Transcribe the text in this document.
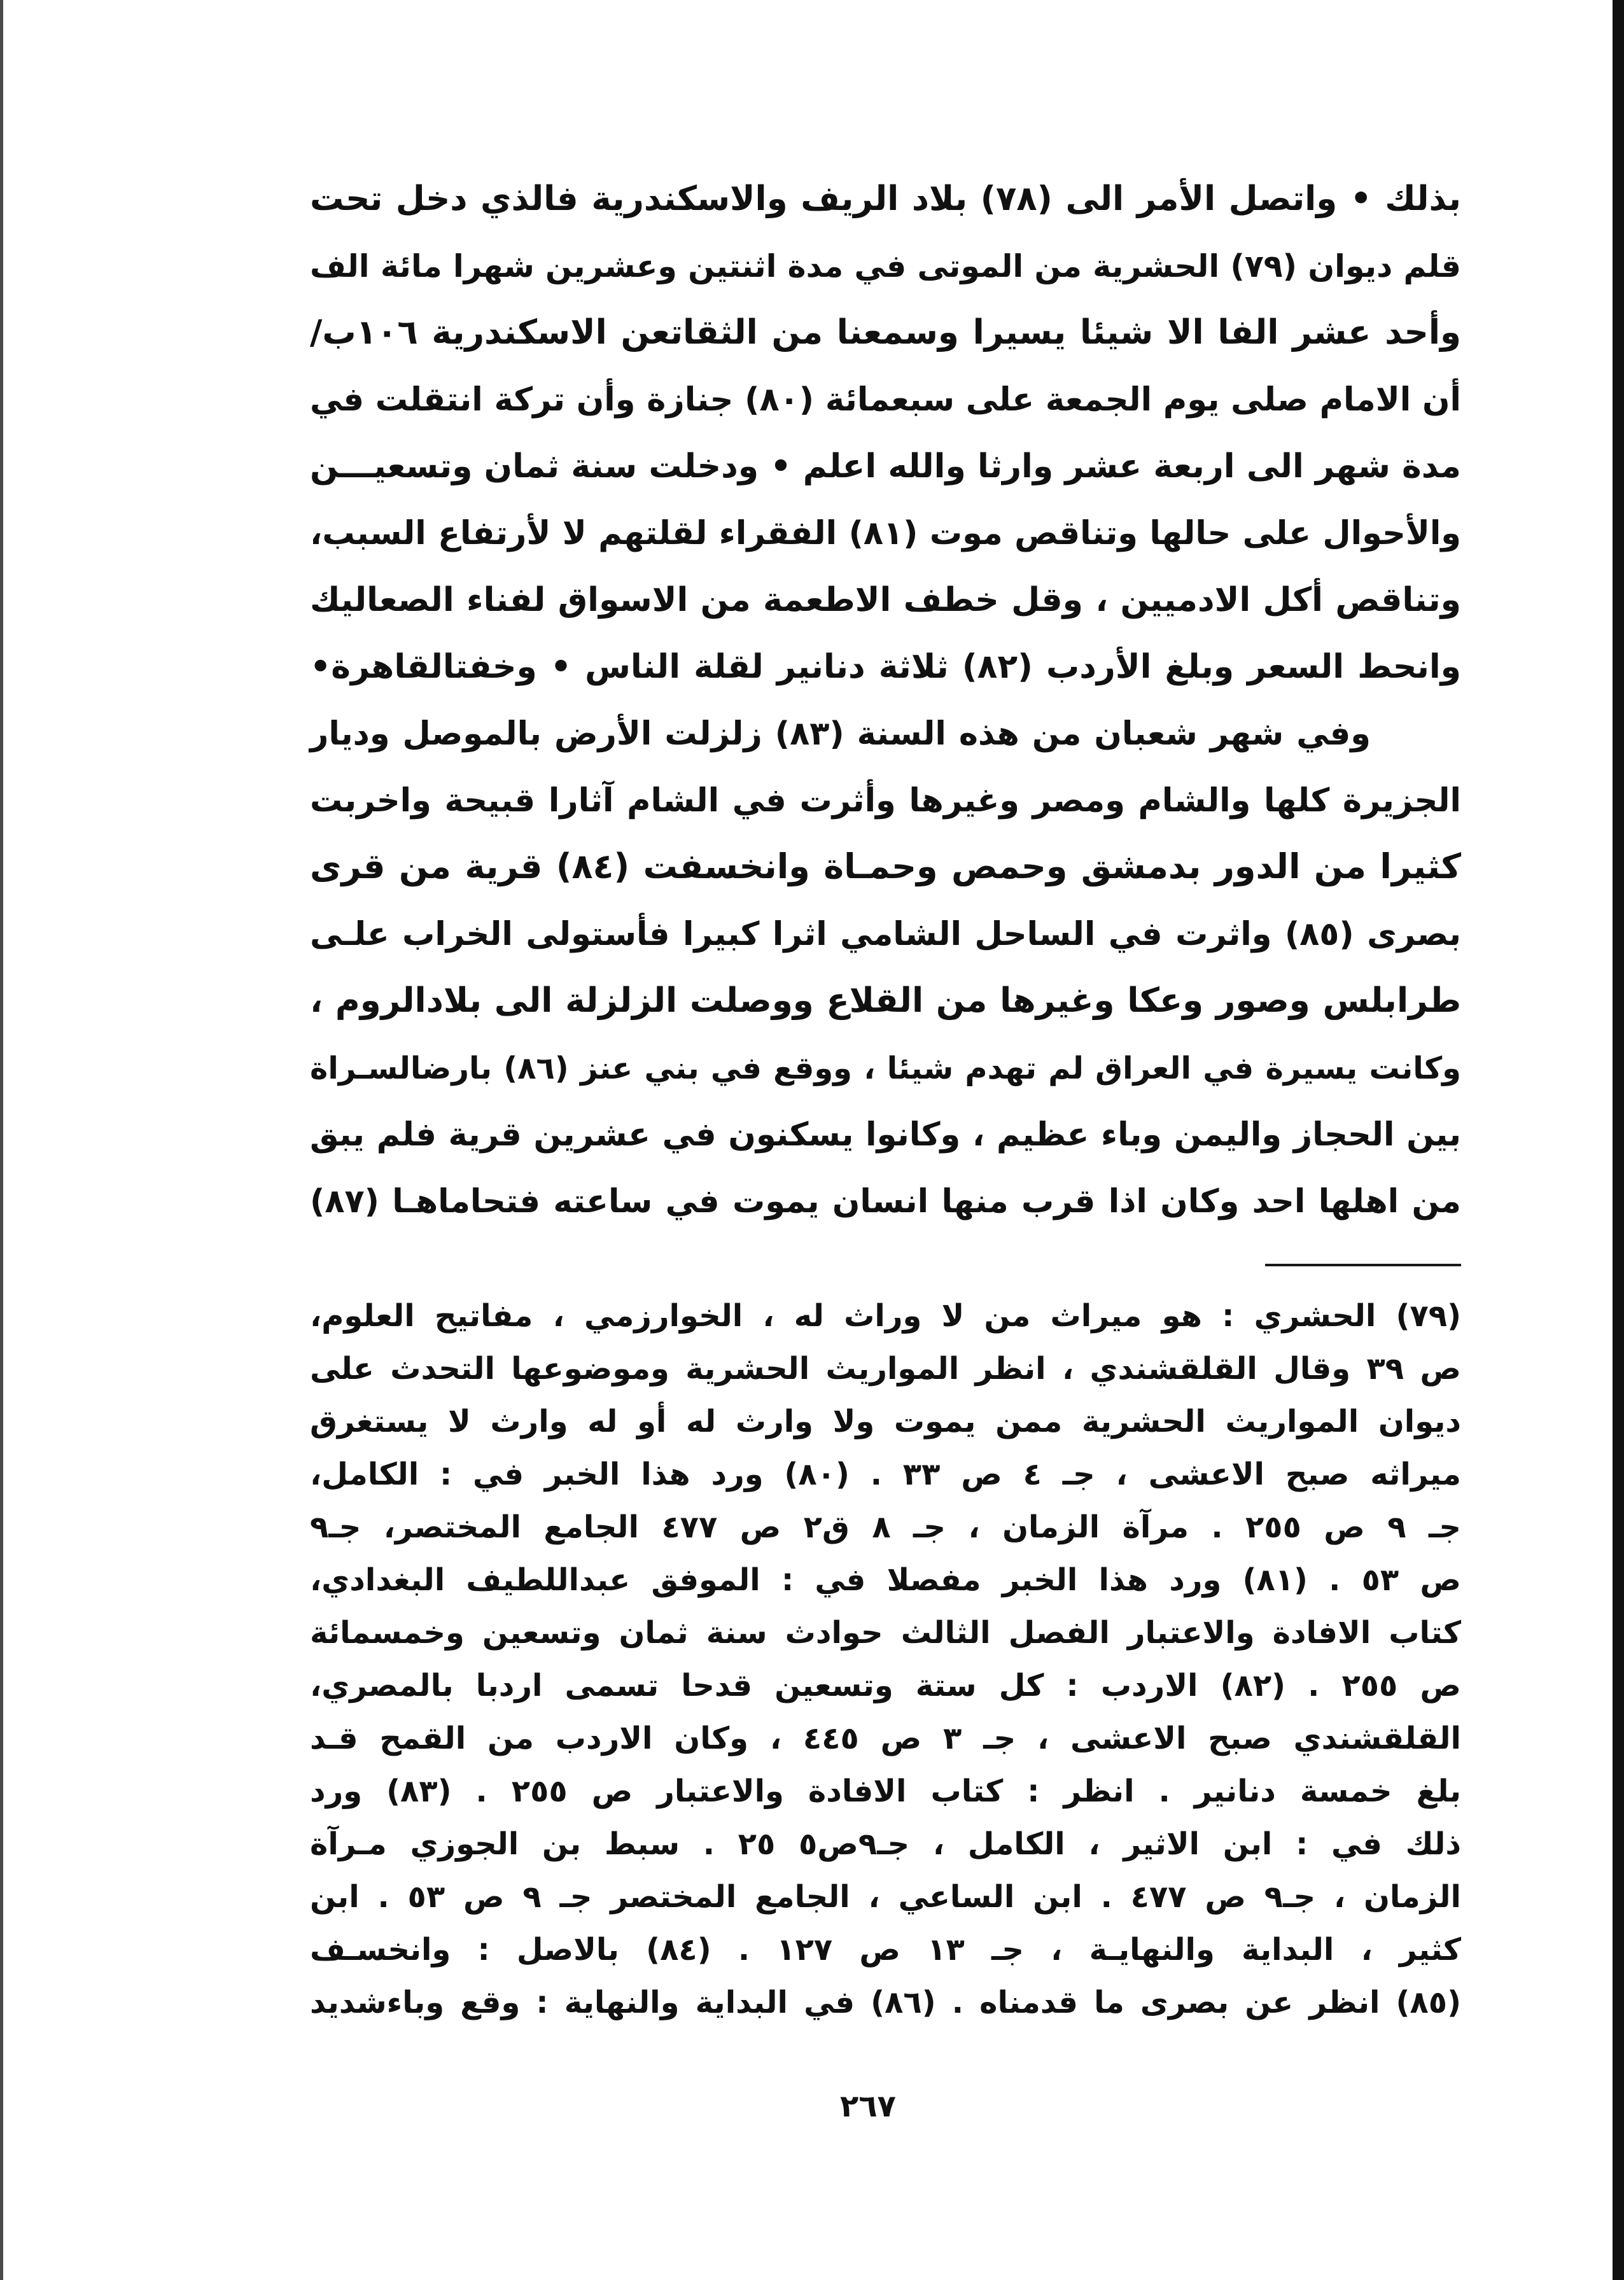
بذلك • واتصل الأمر الى (٧٨) بلاد الريف والاسكندرية فالذي دخل تحت
قلم ديوان (٧٩) الحشرية من الموتى في مدة اثنتين وعشرين شهرا مائة الف
وأحد عشر الفا الا شيئا يسيرا وسمعنا من الثقاتعن الاسكندرية ١٠٦ب/
أن الامام صلى يوم الجمعة على سبعمائة (٨٠) جنازة وأن تركة انتقلت في
مدة شهر الى اربعة عشر وارثا والله اعلم • ودخلت سنة ثمان وتسعيـــن
والأحوال على حالها وتناقص موت (٨١) الفقراء لقلتهم لا لأرتفاع السبب،
وتناقص أكل الادميين ، وقل خطف الاطعمة من الاسواق لفناء الصعاليك
وانحط السعر وبلغ الأردب (٨٢) ثلاثة دنانير لقلة الناس • وخفتالقاهرة•
وفي شهر شعبان من هذه السنة (٨٣) زلزلت الأرض بالموصل وديار
الجزيرة كلها والشام ومصر وغيرها وأثرت في الشام آثارا قبيحة واخربت
كثيرا من الدور بدمشق وحمص وحمـاة وانخسفت (٨٤) قرية من قرى
بصرى (٨٥) واثرت في الساحل الشامي اثرا كبيرا فأستولى الخراب علـى
طرابلس وصور وعكا وغيرها من القلاع ووصلت الزلزلة الى بلادالروم ،
وكانت يسيرة في العراق لم تهدم شيئا ، ووقع في بني عنز (٨٦) بارضالسـراة
بين الحجاز واليمن وباء عظيم ، وكانوا يسكنون في عشرين قرية فلم يبق
من اهلها احد وكان اذا قرب منها انسان يموت في ساعته فتحاماهـا (٨٧)
(٧٩) الحشري : هو ميراث من لا وراث له ، الخوارزمي ، مفاتيح العلوم،
ص ٣٩ وقال القلقشندي ، انظر المواريث الحشرية وموضوعها التحدث على
ديوان المواريث الحشرية ممن يموت ولا وارث له أو له وارث لا يستغرق
ميراثه صبح الاعشى ، جـ ٤ ص ٣٣ . (٨٠) ورد هذا الخبر في : الكامل،
جـ ٩ ص ٢٥٥ . مرآة الزمان ، جـ ٨ ق٢ ص ٤٧٧ الجامع المختصر، جـ٩
ص ٥٣ . (٨١) ورد هذا الخبر مفصلا في : الموفق عبداللطيف البغدادي،
كتاب الافادة والاعتبار الفصل الثالث حوادث سنة ثمان وتسعين وخمسمائة
ص ٢٥٥ . (٨٢) الاردب : كل ستة وتسعين قدحا تسمى اردبا بالمصري،
القلقشندي صبح الاعشى ، جـ ٣ ص ٤٤٥ ، وكان الاردب من القمح قـد
بلغ خمسة دنانير . انظر : كتاب الافادة والاعتبار ص ٢٥٥ . (٨٣) ورد
ذلك في : ابن الاثير ، الكامل ، جـ٩ص٥ ٢٥ . سبط بن الجوزي مـرآة
الزمان ، جـ٩ ص ٤٧٧ . ابن الساعي ، الجامع المختصر جـ ٩ ص ٥٣ . ابن
كثير ، البداية والنهايـة ، جـ ١٣ ص ١٢٧ . (٨٤) بالاصل : وانخسـف
(٨٥) انظر عن بصرى ما قدمناه . (٨٦) في البداية والنهاية : وقع وباءشديد
٢٦٧
